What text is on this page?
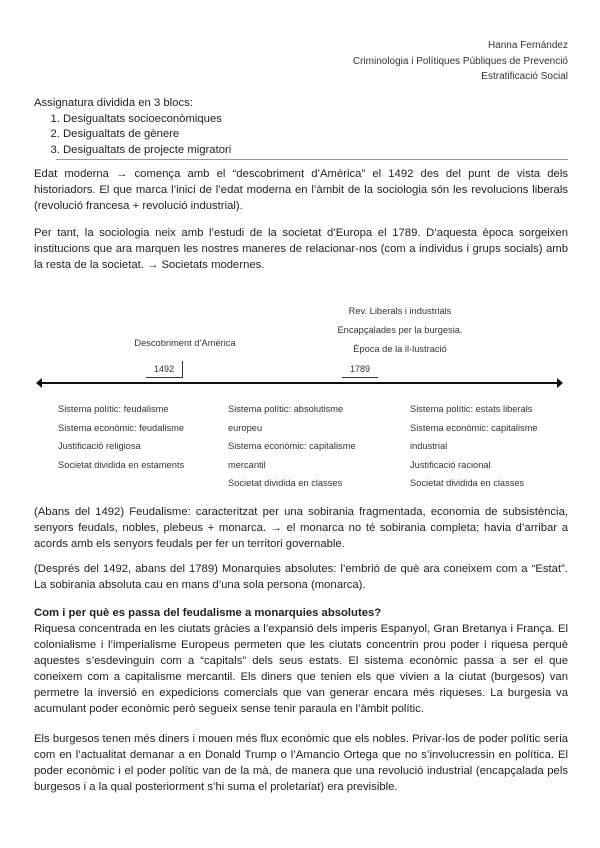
Hanna Fernández
Criminologia i Polítiques Públiques de Prevenció
Estratificació Social
Assignatura dividida en 3 blocs:
1. Desigualtats socioeconòmiques
2. Desigualtats de gènere
3. Desigualtats de projecte migratori

Edat moderna → comença amb el “descobriment d’Amèrica” el 1492 des del punt de vista dels historiadors. El que marca l’inici de l’edat moderna en l’àmbit de la sociologia són les revolucions liberals (revolució francesa + revolució industrial).

Per tant, la sociologia neix amb l’estudi de la societat d’Europa el 1789. D’aquesta època sorgeixen institucions que ara marquen les nostres maneres de relacionar-nos (com a individus i grups socials) amb la resta de la societat. → Societats modernes.

Rev. Liberals i industrials
Encapçalades per la burgesia.
Època de la il·lustració
Descobriment d’Amèrica
1492	1789
Sistema polític: feudalisme
Sistema econòmic: feudalisme
Justificació religiosa
Societat dividida en estaments
Sistema polític: absolutisme
europeu
Sistema econòmic: capitalisme
mercantil
Societat dividida en classes
Sistema polític: estats liberals
Sistema econòmic: capitalisme
industrial
Justificació racional
Societat dividida en classes

(Abans del 1492) Feudalisme: caracteritzat per una sobirania fragmentada, economia de subsistència, senyors feudals, nobles, plebeus + monarca. → el monarca no té sobirania completa; havia d’arribar a acords amb els senyors feudals per fer un territori governable.

(Després del 1492, abans del 1789) Monarquies absolutes: l’embrió de què ara coneixem com a “Estat”. La sobirania absoluta cau en mans d’una sola persona (monarca).

Com i per què es passa del feudalisme a monarquies absolutes?

Riquesa concentrada en les ciutats gràcies a l’expansió dels imperis Espanyol, Gran Bretanya i França. El colonialisme i l’imperialisme Europeus permeten que les ciutats concentrin prou poder i riquesa perquè aquestes s’esdevinguin com a “capitals” dels seus estats. El sistema econòmic passa a ser el que coneixem com a capitalisme mercantil. Els diners que tenien els que vivien a la ciutat (burgesos) van permetre la inversió en expedicions comercials que van generar encara més riqueses. La burgesia va acumulant poder econòmic però segueix sense tenir paraula en l’àmbit polític.

Els burgesos tenen més diners i mouen més flux econòmic que els nobles. Privar-los de poder polític seria com en l’actualitat demanar a en Donald Trump o l’Amancio Ortega que no s’involucressin en política. El poder econòmic i el poder polític van de la mà, de manera que una revolució industrial (encapçalada pels burgesos i a la qual posteriorment s’hi suma el proletariat) era previsible.
